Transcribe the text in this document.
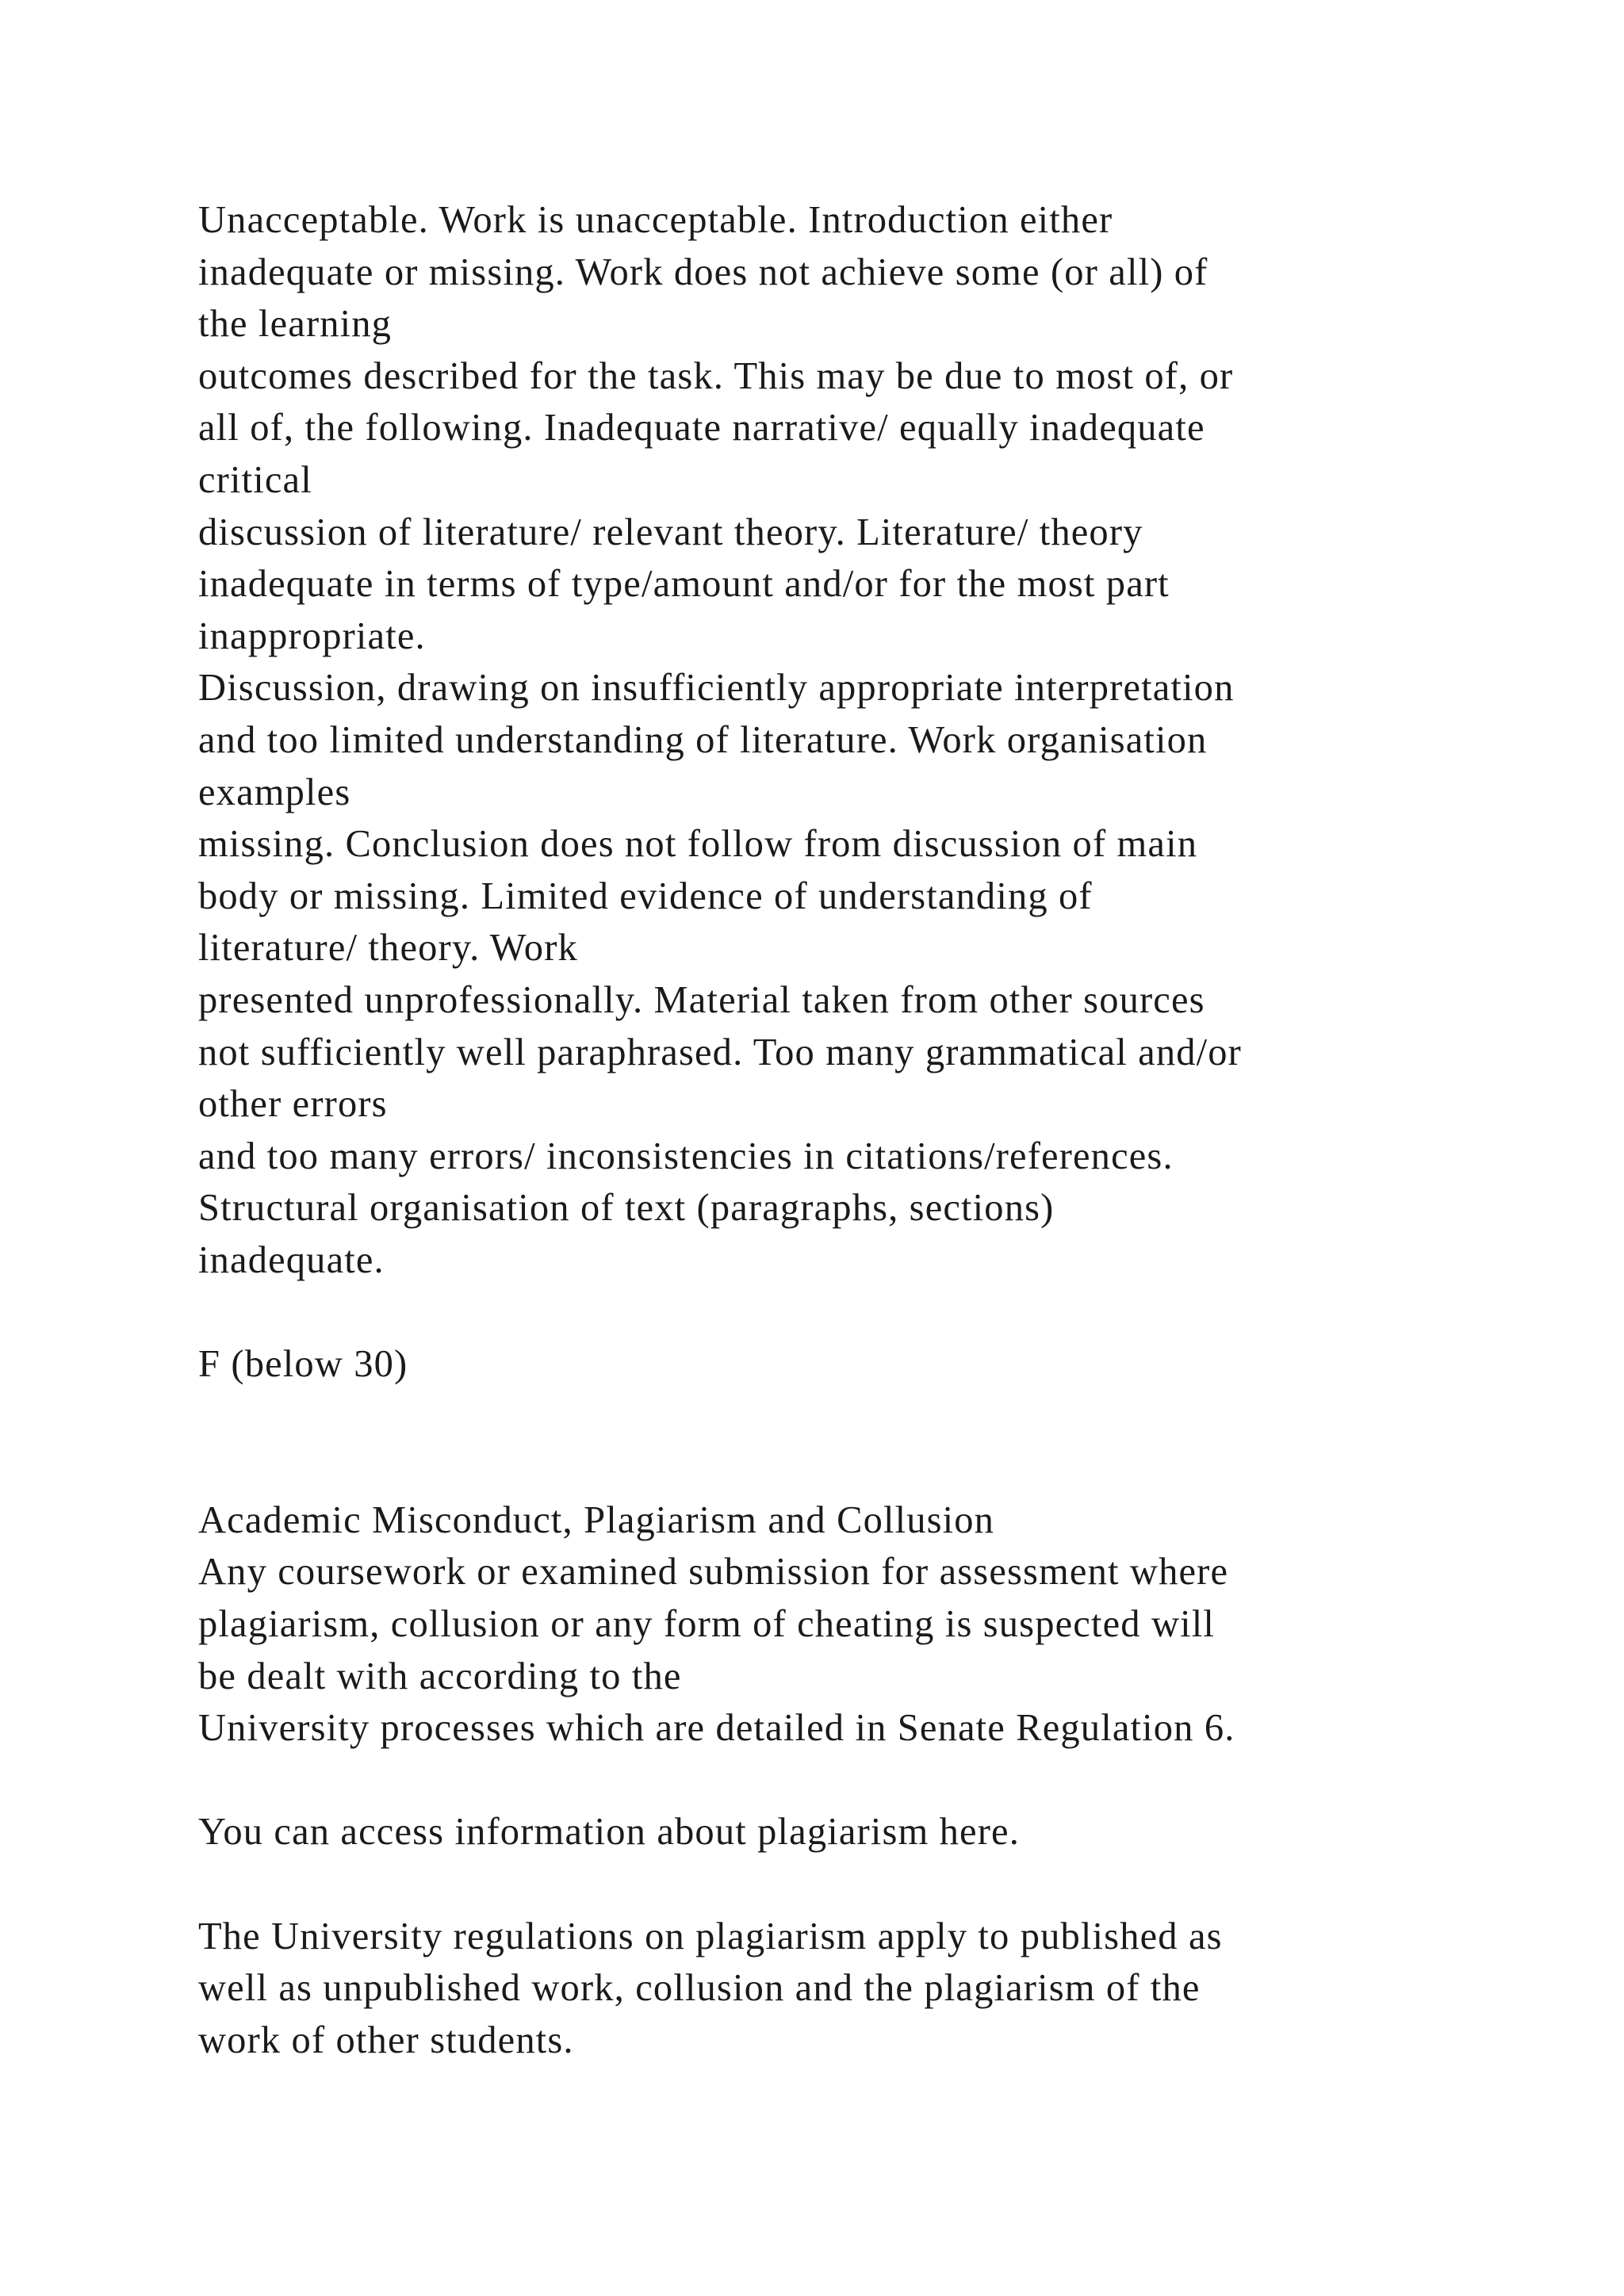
Unacceptable. Work is unacceptable. Introduction either
inadequate or missing. Work does not achieve some (or all) of
the learning
outcomes described for the task. This may be due to most of, or
all of, the following. Inadequate narrative/ equally inadequate
critical
discussion of literature/ relevant theory. Literature/ theory
inadequate in terms of type/amount and/or for the most part
inappropriate.
Discussion, drawing on insufficiently appropriate interpretation
and too limited understanding of literature. Work organisation
examples
missing. Conclusion does not follow from discussion of main
body or missing. Limited evidence of understanding of
literature/ theory. Work
presented unprofessionally. Material taken from other sources
not sufficiently well paraphrased. Too many grammatical and/or
other errors
and too many errors/ inconsistencies in citations/references.
Structural organisation of text (paragraphs, sections)
inadequate.
F (below 30)
Academic Misconduct, Plagiarism and Collusion
Any coursework or examined submission for assessment where
plagiarism, collusion or any form of cheating is suspected will
be dealt with according to the
University processes which are detailed in Senate Regulation 6.
You can access information about plagiarism here.
The University regulations on plagiarism apply to published as
well as unpublished work, collusion and the plagiarism of the
work of other students.
